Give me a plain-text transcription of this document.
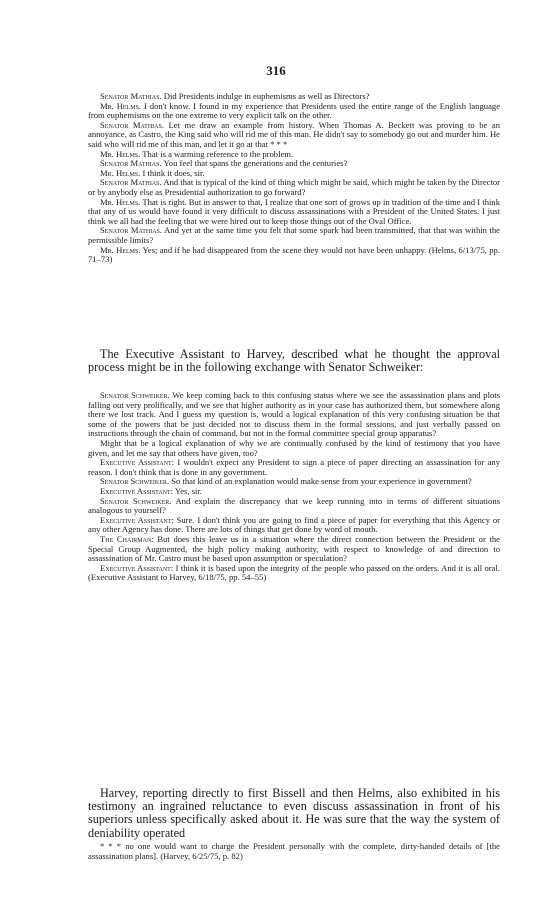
316

Senator Mathias. Did Presidents indulge in euphemisms as well as Directors?

Mr. Helms. I don't know. I found in my experience that Presidents used the entire range of the English language from euphemisms on the one extreme to very explicit talk on the other.

Senator Mathias. Let me draw an example from history. When Thomas A. Beckett was proving to be an annoyance, as Castro, the King said who will rid me of this man. He didn't say to somebody go out and murder him. He said who will rid me of this man, and let it go at that * * *

Mr. Helms. That is a warming reference to the problem.

Senator Mathias. You feel that spans the generations and the centuries?

Mr. Helms. I think it does, sir.

Senator Mathias. And that is typical of the kind of thing which might be said, which might be taken by the Director or by anybody else as Presidential authorization to go forward?

Mr. Helms. That is right. But in answer to that, I realize that one sort of grows up in tradition of the time and I think that any of us would have found it very difficult to discuss assassinations with a President of the United States. I just think we all had the feeling that we were hired out to keep those things out of the Oval Office.

Senator Mathias. And yet at the same time you felt that some spark had been transmitted, that that was within the permissible limits?

Mr. Helms. Yes; and if he had disappeared from the scene they would not have been unhappy. (Helms, 6/13/75, pp. 71–73)

The Executive Assistant to Harvey, described what he thought the approval process might be in the following exchange with Senator Schweiker:

Senator Schweiker. We keep coming back to this confusing status where we see the assassination plans and plots falling out very prolifically, and we see that higher authority as in your case has authorized them, but somewhere along there we lost track. And I guess my question is, would a logical explanation of this very confusing situation be that some of the powers that be just decided not to discuss them in the formal sessions, and just verbally passed on instructions through the chain of command, but not in the formal committee special group apparatus?

Might that be a logical explanation of why we are continually confused by the kind of testimony that you have given, and let me say that others have given, too?

Executive Assistant: I wouldn't expect any President to sign a piece of paper directing an assassination for any reason. I don't think that is done in any government.

Senator Schweiker. So that kind of an explanation would make sense from your experience in government?

Executive Assistant: Yes, sir.

Senator Schweiker. And explain the discrepancy that we keep running into in terms of different situations analogous to yourself?

Executive Assistant: Sure. I don't think you are going to find a piece of paper for everything that this Agency or any other Agency has done. There are lots of things that get done by word of mouth.

The Chairman: But does this leave us in a situation where the direct connection between the President or the Special Group Augmented, the high policy making authority, with respect to knowledge of and direction to assassination of Mr. Castro must be based upon assumption or speculation?

Executive Assistant: I think it is based upon the integrity of the people who passed on the orders. And it is all oral. (Executive Assistant to Harvey, 6/18/75, pp. 54–55)

Harvey, reporting directly to first Bissell and then Helms, also exhibited in his testimony an ingrained reluctance to even discuss assassination in front of his superiors unless specifically asked about it. He was sure that the way the system of deniability operated

* * * no one would want to charge the President personally with the complete, dirty-handed details of [the assassination plans]. (Harvey, 6/25/75, p. 82)
